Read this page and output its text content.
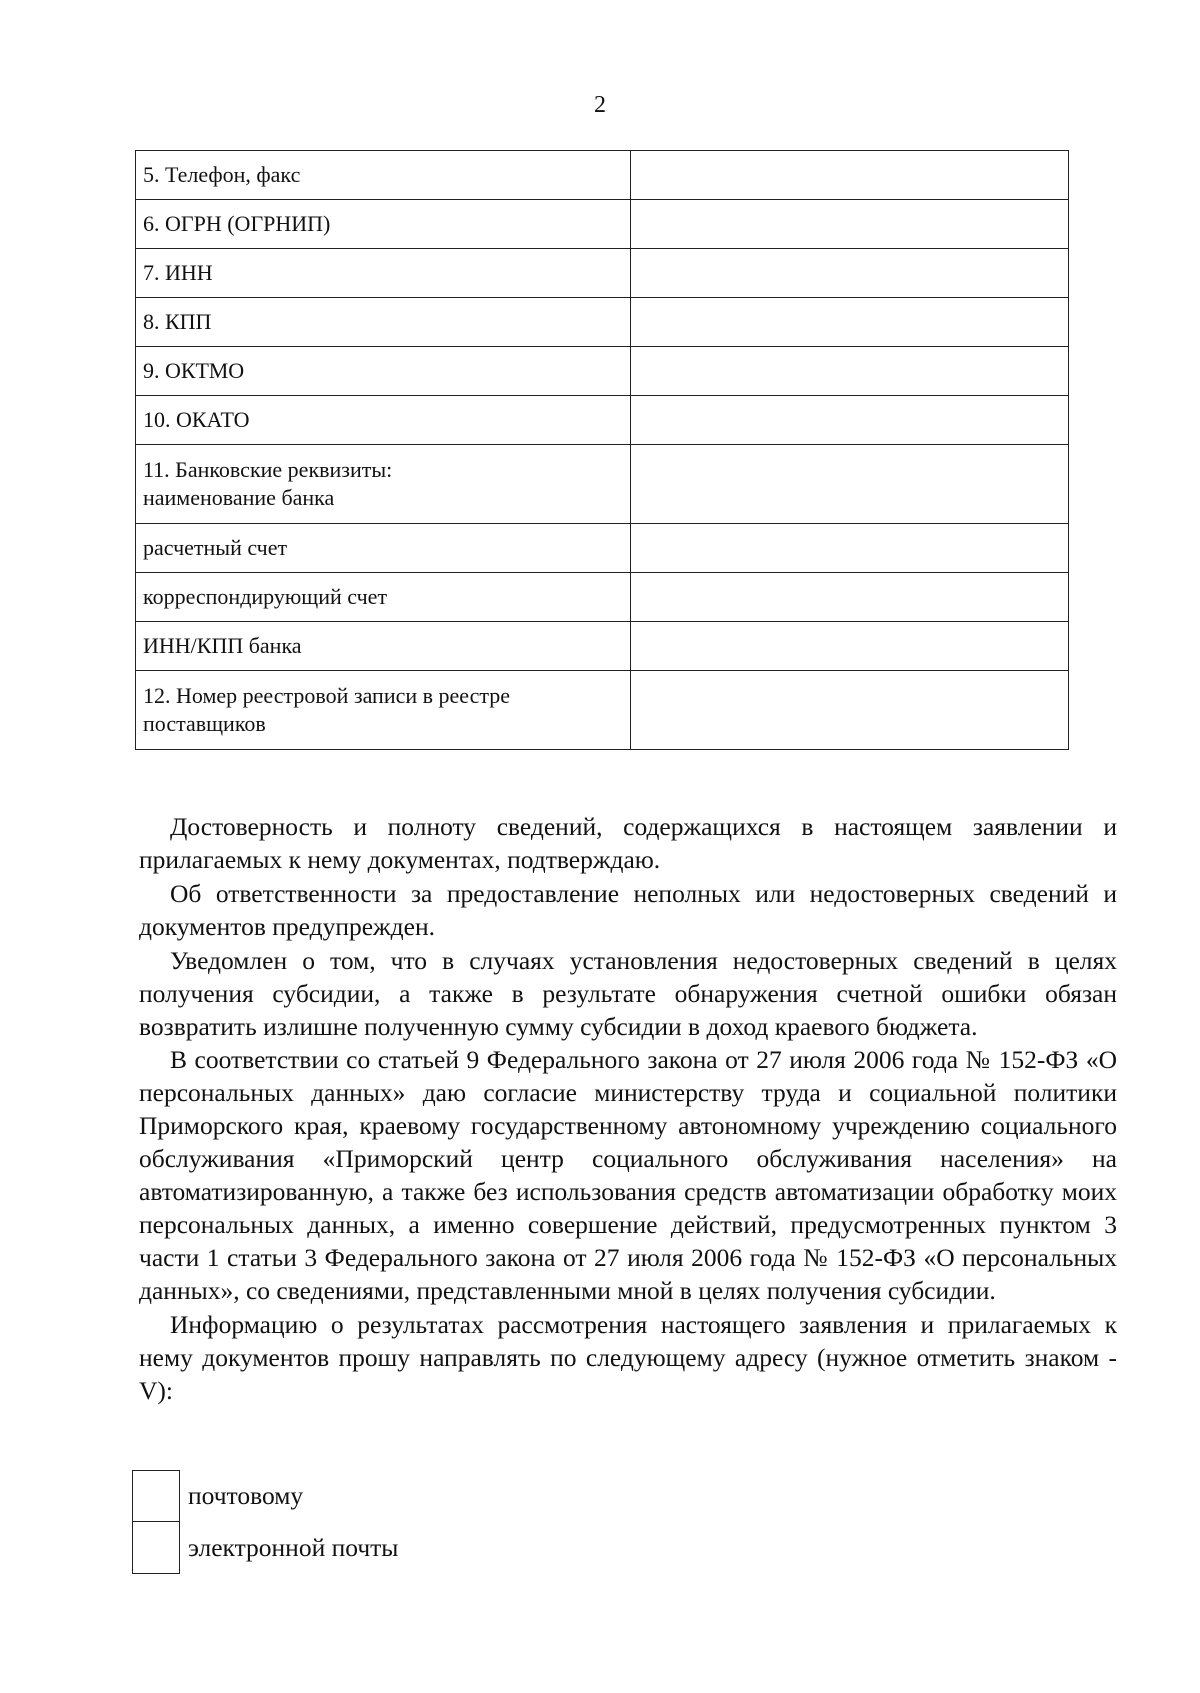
2
5. Телефон, факс	
6. ОГРН (ОГРНИП)	
7. ИНН	
8. КПП	
9. ОКТМО	
10. ОКАТО	
11. Банковские реквизиты:
наименование банка	
расчетный счет	
корреспондирующий счет	
ИНН/КПП банка	
12. Номер реестровой записи в реестре
поставщиков	

Достоверность и полноту сведений, содержащихся в настоящем заявлении и прилагаемых к нему документах, подтверждаю.

Об ответственности за предоставление неполных или недостоверных сведений и документов предупрежден.

Уведомлен о том, что в случаях установления недостоверных сведений в целях получения субсидии, а также в результате обнаружения счетной ошибки обязан возвратить излишне полученную сумму субсидии в доход краевого бюджета.

В соответствии со статьей 9 Федерального закона от 27 июля 2006 года № 152-ФЗ «О персональных данных» даю согласие министерству труда и социальной политики Приморского края, краевому государственному автономному учреждению социального обслуживания «Приморский центр социального обслуживания населения» на автоматизированную, а также без использования средств автоматизации обработку моих персональных данных, а именно совершение действий, предусмотренных пунктом 3 части 1 статьи 3 Федерального закона от 27 июля 2006 года № 152-ФЗ «О персональных данных», со сведениями, представленными мной в целях получения субсидии.

Информацию о результатах рассмотрения настоящего заявления и прилагаемых к нему документов прошу направлять по следующему адресу (нужное отметить знаком - V):

почтовому
электронной почты
